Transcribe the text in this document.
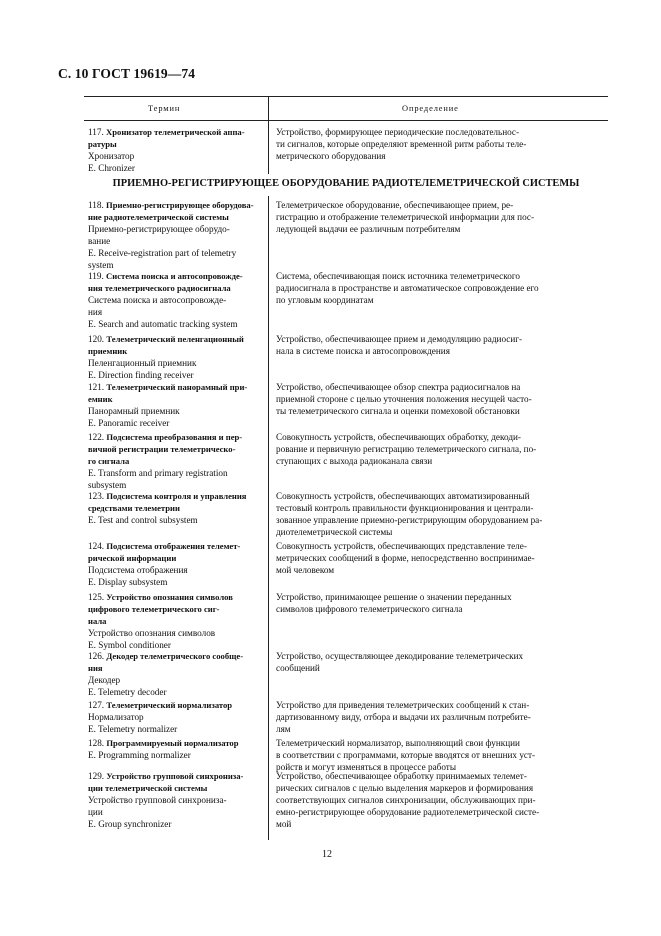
С. 10 ГОСТ 19619—74
Термин	Определение
ПРИЕМНО-РЕГИСТРИРУЮЩЕЕ ОБОРУДОВАНИЕ РАДИОТЕЛЕМЕТРИЧЕСКОЙ СИСТЕМЫ
117. Хронизатор телеметрической аппа-
ратуры
Хронизатор
E. Chronizer
Устройство, формирующее периодические последовательнос-
ти сигналов, которые определяют временной ритм работы теле-
метрического оборудования
118. Приемно-регистрирующее оборудова-
ние радиотелеметрической системы
Приемно-регистрирующее оборудо-
вание
E. Receive-registration part of telemetry
system
Телеметрическое оборудование, обеспечивающее прием, ре-
гистрацию и отображение телеметрической информации для пос-
ледующей выдачи ее различным потребителям
119. Система поиска и автосопровожде-
ния телеметрического радиосигнала
Система поиска и автосопровожде-
ния
E. Search and automatic tracking system
Система, обеспечивающая поиск источника телеметрического
радиосигнала в пространстве и автоматическое сопровождение его
по угловым координатам
120. Телеметрический пеленгационный
приемник
Пеленгационный приемник
E. Direction finding receiver
Устройство, обеспечивающее прием и демодуляцию радиосиг-
нала в системе поиска и автосопровождения
121. Телеметрический панорамный при-
емник
Панорамный приемник
E. Panoramic receiver
Устройство, обеспечивающее обзор спектра радиосигналов на
приемной стороне с целью уточнения положения несущей часто-
ты телеметрического сигнала и оценки помеховой обстановки
122. Подсистема преобразования и пер-
вичной регистрации телеметрическо-
го сигнала
E. Transform and primary registration
subsystem
Совокупность устройств, обеспечивающих обработку, декоди-
рование и первичную регистрацию телеметрического сигнала, по-
ступающих с выхода радиоканала связи
123. Подсистема контроля и управления
средствами телеметрии
E. Test and control subsystem
Совокупность устройств, обеспечивающих автоматизированный
тестовый контроль правильности функционирования и централи-
зованное управление приемно-регистрирующим оборудованием ра-
диотелеметрической системы
124. Подсистема отображения телемет-
рической информации
Подсистема отображения
E. Display subsystem
Совокупность устройств, обеспечивающих представление теле-
метрических сообщений в форме, непосредственно воспринимае-
мой человеком
125. Устройство опознания символов
цифрового телеметрического сиг-
нала
Устройство опознания символов
E. Symbol conditioner
Устройство, принимающее решение о значении переданных
символов цифрового телеметрического сигнала
126. Декодер телеметрического сообще-
ния
Декодер
E. Telemetry decoder
Устройство, осуществляющее декодирование телеметрических
сообщений
127. Телеметрический нормализатор
Нормализатор
E. Telemetry normalizer
Устройство для приведения телеметрических сообщений к стан-
дартизованному виду, отбора и выдачи их различным потребите-
лям
128. Программируемый нормализатор
E. Programming normalizer
Телеметрический нормализатор, выполняющий свои функции
в соответствии с программами, которые вводятся от внешних уст-
ройств и могут изменяться в процессе работы
129. Устройство групповой синхрониза-
ции телеметрической системы
Устройство групповой синхрониза-
ции
E. Group synchronizer
Устройство, обеспечивающее обработку принимаемых телемет-
рических сигналов с целью выделения маркеров и формирования
соответствующих сигналов синхронизации, обслуживающих при-
емно-регистрирующее оборудование радиотелеметрической систе-
мой
12
